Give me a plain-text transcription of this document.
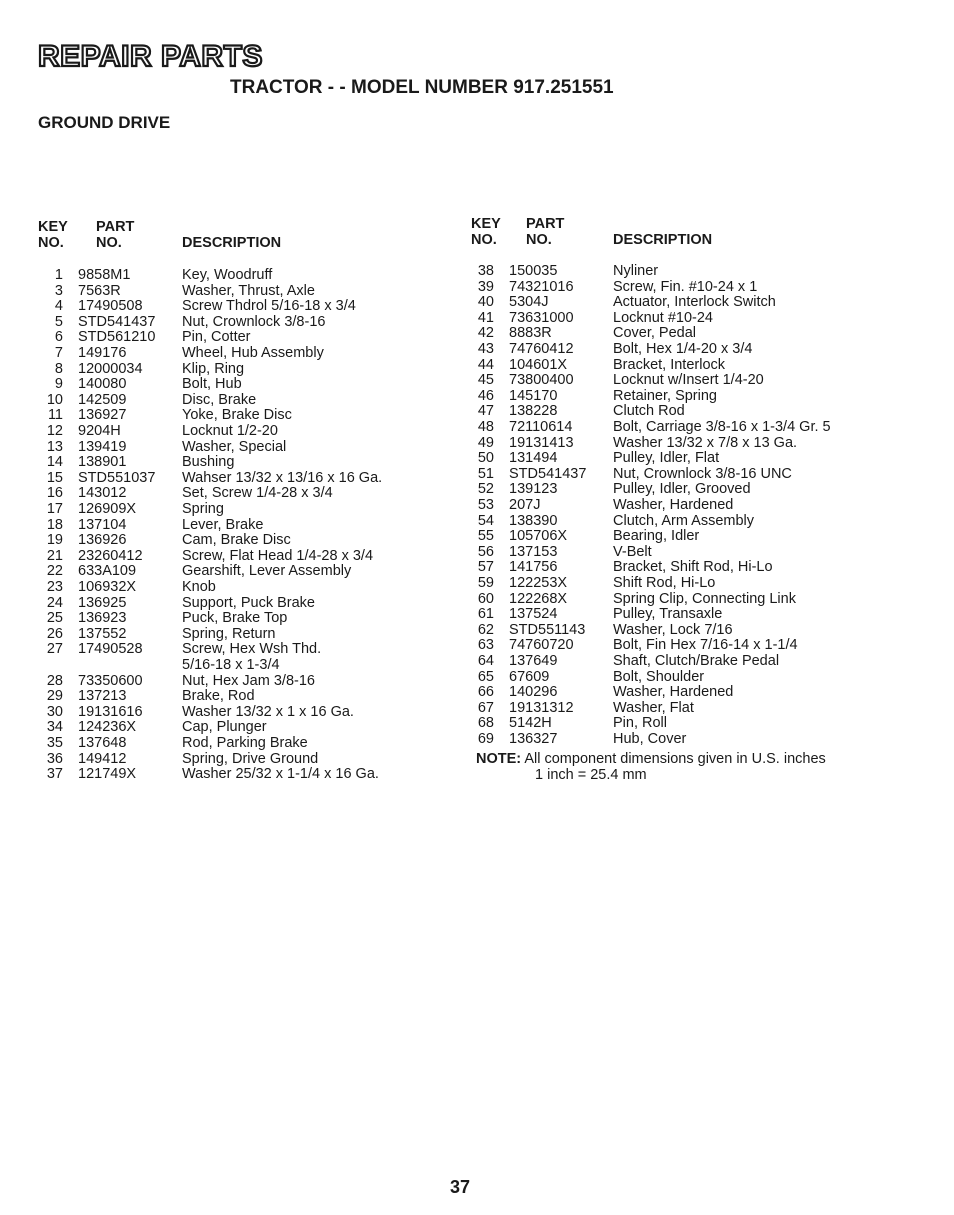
REPAIR PARTS
TRACTOR - - MODEL NUMBER 917.251551
GROUND DRIVE
KEY
NO.
PART
NO.	DESCRIPTION
KEY
NO.
PART
NO.	DESCRIPTION
1 9858M1	Key, Woodruff
3 7563R	Washer, Thrust, Axle
4 17490508	Screw Thdrol 5/16-18 x 3/4
5 STD541437 Nut, Crownlock 3/8-16
6 STD561210 Pin, Cotter
7 149176	Wheel, Hub Assembly
8 12000034	Klip, Ring
9 140080	Bolt, Hub
10 142509	Disc, Brake
11 136927	Yoke, Brake Disc
12 9204H	Locknut 1/2-20
13 139419	Washer, Special
14 138901	Bushing
15 STD551037 Wahser 13/32 x 13/16 x 16 Ga.
16 143012	Set, Screw 1/4-28 x 3/4
17 126909X	Spring
18 137104	Lever, Brake
19 136926	Cam, Brake Disc
21 23260412	Screw, Flat Head 1/4-28 x 3/4
22 633A109	Gearshift, Lever Assembly
23 106932X	Knob
24 136925	Support, Puck Brake
25 136923	Puck, Brake Top
26 137552	Spring, Return
27 17490528	Screw, Hex Wsh Thd.
5/16-18 x 1-3/4
28 73350600	Nut, Hex Jam 3/8-16
29 137213	Brake, Rod
30 19131616	Washer 13/32 x 1 x 16 Ga.
34 124236X	Cap, Plunger
35 137648	Rod, Parking Brake
36 149412	Spring, Drive Ground
37 121749X	Washer 25/32 x 1-1/4 x 16 Ga.
38 150035	Nyliner
39 74321016	Screw, Fin. #10-24 x 1
40 5304J	Actuator, Interlock Switch
41 73631000	Locknut #10-24
42 8883R	Cover, Pedal
43 74760412	Bolt, Hex 1/4-20 x 3/4
44 104601X	Bracket, Interlock
45 73800400	Locknut w/Insert 1/4-20
46 145170	Retainer, Spring
47 138228	Clutch Rod
48 72110614	Bolt, Carriage 3/8-16 x 1-3/4 Gr. 5
49 19131413	Washer 13/32 x 7/8 x 13 Ga.
50 131494	Pulley, Idler, Flat
51 STD541437 Nut, Crownlock 3/8-16 UNC
52 139123	Pulley, Idler, Grooved
53 207J	Washer, Hardened
54 138390	Clutch, Arm Assembly
55 105706X	Bearing, Idler
56 137153	V-Belt
57 141756	Bracket, Shift Rod, Hi-Lo
59 122253X	Shift Rod, Hi-Lo
60 122268X	Spring Clip, Connecting Link
61 137524	Pulley, Transaxle
62 STD551143 Washer, Lock 7/16
63 74760720	Bolt, Fin Hex 7/16-14 x 1-1/4
64 137649	Shaft, Clutch/Brake Pedal
65 67609	Bolt, Shoulder
66 140296	Washer, Hardened
67 19131312	Washer, Flat
68 5142H	Pin, Roll
69 136327	Hub, Cover
NOTE: All component dimensions given in U.S. inches
1 inch = 25.4 mm
37
